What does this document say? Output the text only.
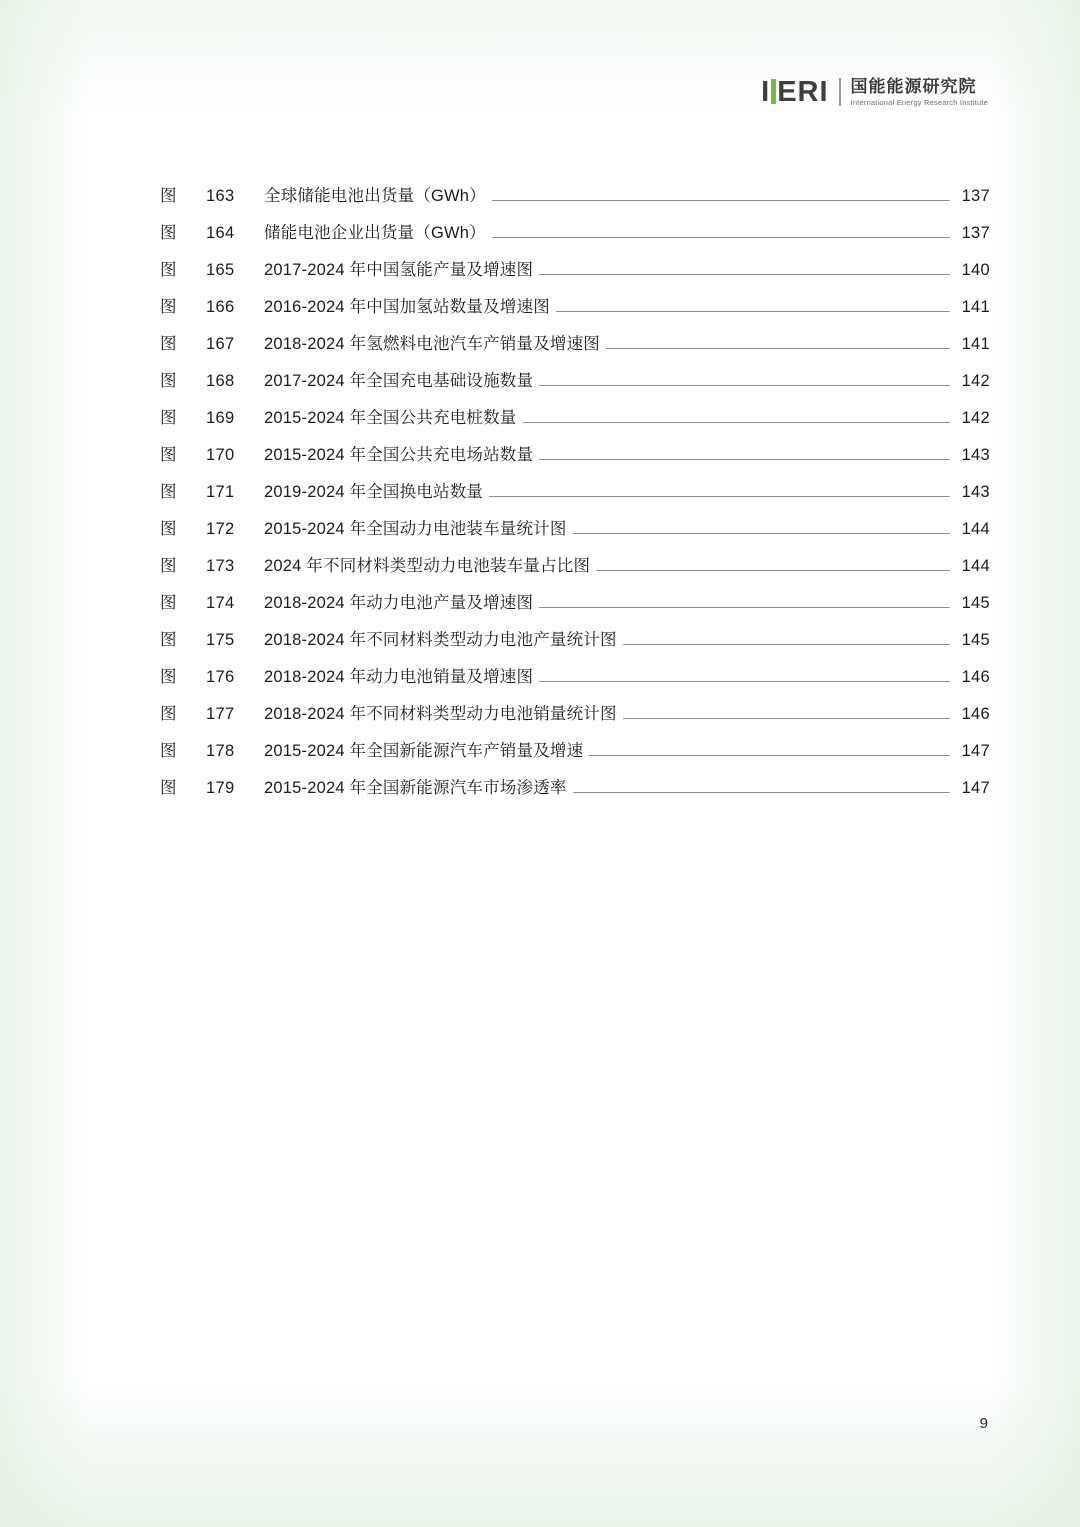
I ERI	国能能源研究院
International Energy Research Institute
图	163	全球储能电池出货量（GWh）	137
图	164	储能电池企业出货量（GWh）	137
图	165	2017-2024 年中国氢能产量及增速图	140
图	166	2016-2024 年中国加氢站数量及增速图	141
图	167	2018-2024 年氢燃料电池汽车产销量及增速图	141
图	168	2017-2024 年全国充电基础设施数量	142
图	169	2015-2024 年全国公共充电桩数量	142
图	170	2015-2024 年全国公共充电场站数量	143
图	171	2019-2024 年全国换电站数量	143
图	172	2015-2024 年全国动力电池装车量统计图	144
图	173	2024 年不同材料类型动力电池装车量占比图	144
图	174	2018-2024 年动力电池产量及增速图	145
图	175	2018-2024 年不同材料类型动力电池产量统计图	145
图	176	2018-2024 年动力电池销量及增速图	146
图	177	2018-2024 年不同材料类型动力电池销量统计图	146
图	178	2015-2024 年全国新能源汽车产销量及增速	147
图	179	2015-2024 年全国新能源汽车市场渗透率	147
9
